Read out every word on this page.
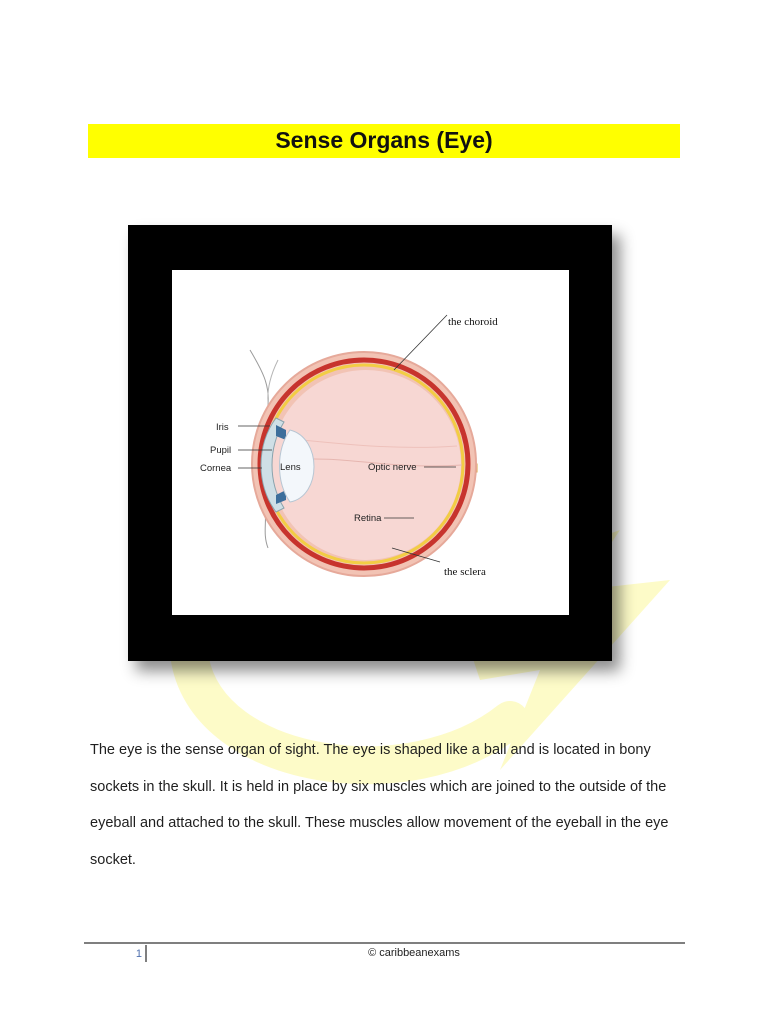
Sense Organs (Eye)
the choroid
Iris
Pupil
Cornea	Lens	Optic nerve
Retina
the sclera

The eye is the sense organ of sight. The eye is shaped like a ball and is located in bony sockets in the skull. It is held in place by six muscles which are joined to the outside of the eyeball and attached to the skull. These muscles allow movement of the eyeball in the eye socket.

1	© caribbeanexams
